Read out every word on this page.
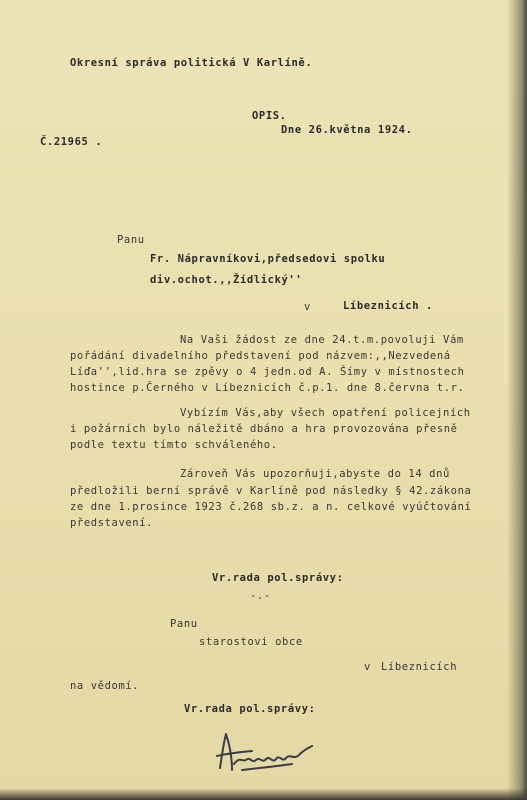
Okresní správa politická V Karlíně.
OPIS.
Dne 26.května 1924.
Č.21965 .
Panu
Fr. Nápravníkovi,předsedovi spolku
div.ochot.,,Žídlický''
v	Líbeznicích .
Na Vaši žádost ze dne 24.t.m.povoluji Vám
pořádání divadelního představení pod názvem:,,Nezvedená
Líďa'',lid.hra se zpěvy o 4 jedn.od A. Šímy v místnostech
hostince p.Černého v Líbeznicích č.p.1. dne 8.června t.r.
Vybízím Vás,aby všech opatření policejních
i požárních bylo náležitě dbáno a hra provozována přesně
podle textu tímto schváleného.
Zároveň Vás upozorňuji,abyste do 14 dnů
předložili berní správě v Karlíně pod následky § 42.zákona
ze dne 1.prosince 1923 č.268 sb.z. a n. celkové vyúčtování
představení.
Vr.rada pol.správy:
-.-
Panu
starostovi obce
v Líbeznicích
na vědomí.
Vr.rada pol.správy:
